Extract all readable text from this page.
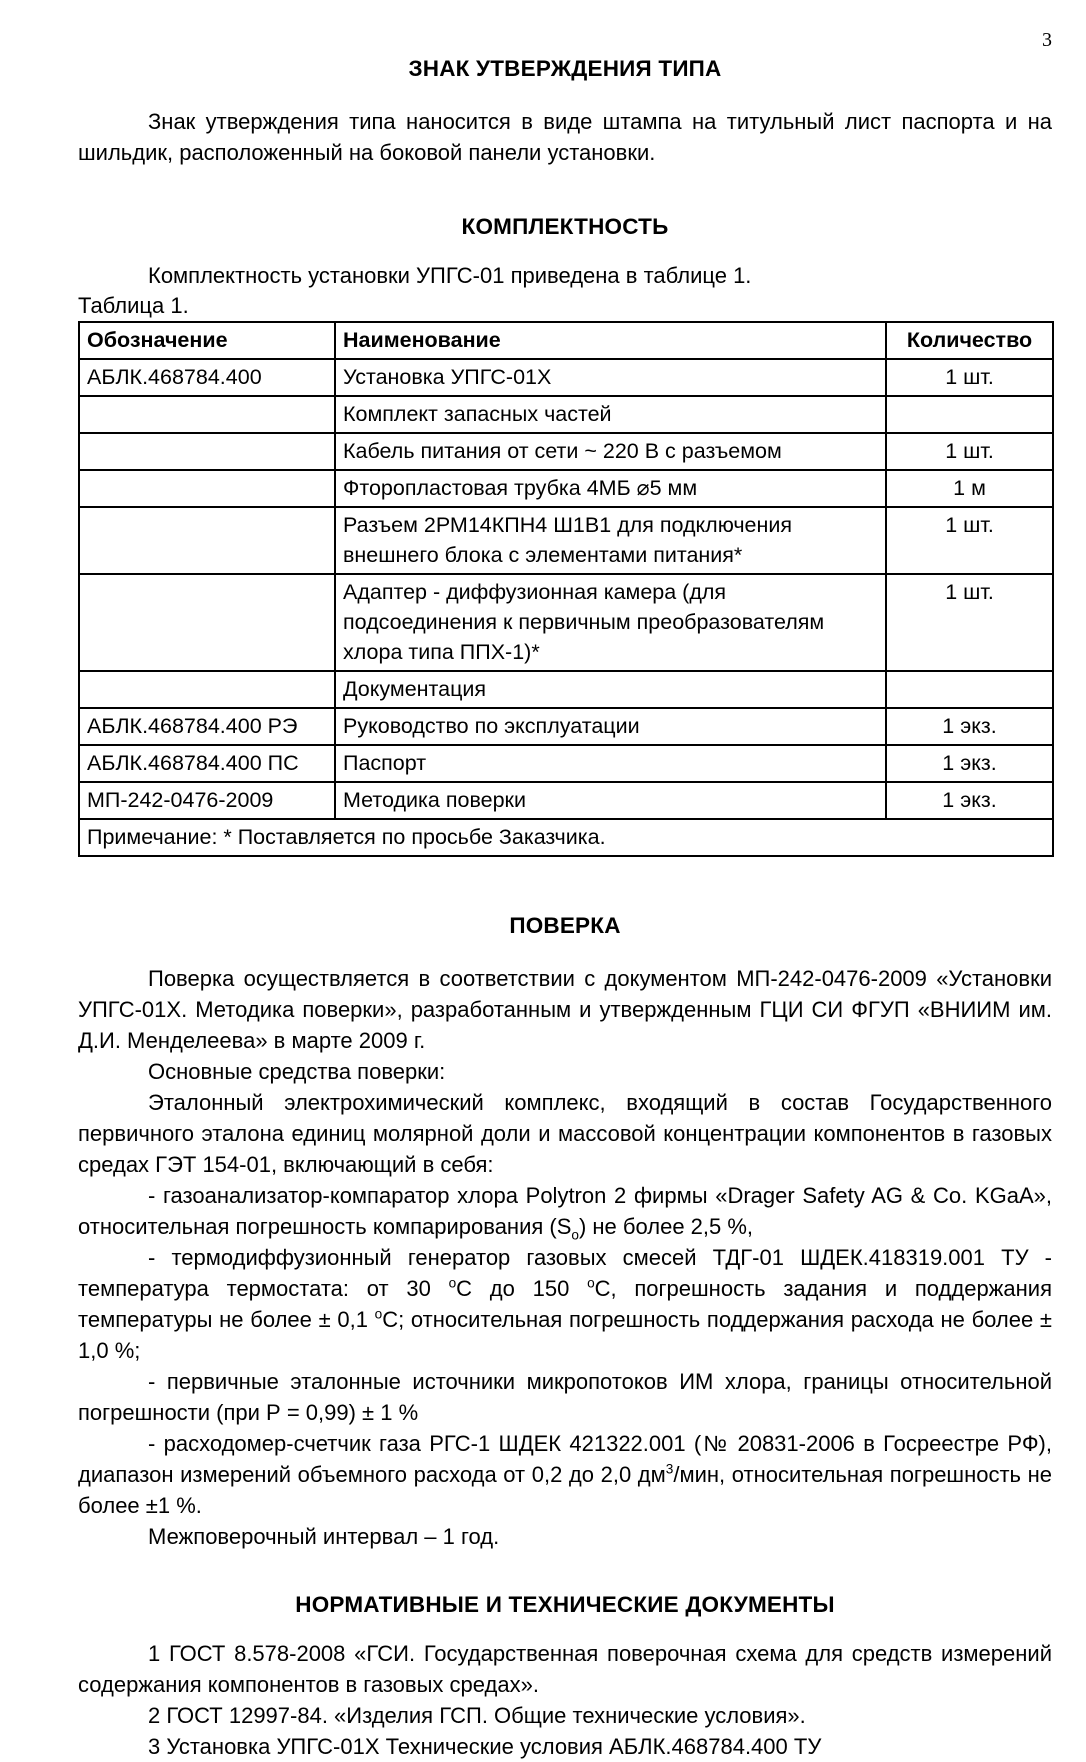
3
ЗНАК УТВЕРЖДЕНИЯ ТИПА

Знак утверждения типа наносится в виде штампа на титульный лист паспорта и на шильдик, расположенный на боковой панели установки.

КОМПЛЕКТНОСТЬ

Комплектность установки УПГС-01 приведена в таблице 1.

Таблица 1.

Обозначение	Наименование	Количество
АБЛК.468784.400	Установка УПГС-01Х	1 шт.
	Комплект запасных частей	
	Кабель питания от сети ~ 220 В с разъемом	1 шт.
	Фторопластовая трубка 4МБ ⌀5 мм	1 м
	Разъем 2РМ14КПН4 Ш1В1 для подключения внешнего блока с элементами питания*	1 шт.
	Адаптер - диффузионная камера (для подсоединения к первичным преобразователям хлора типа ППХ-1)*	1 шт.
	Документация	
АБЛК.468784.400 РЭ	Руководство по эксплуатации	1 экз.
АБЛК.468784.400 ПС	Паспорт	1 экз.
МП-242-0476-2009	Методика поверки	1 экз.
Примечание: * Поставляется по просьбе Заказчика.		
ПОВЕРКА

Поверка осуществляется в соответствии с документом МП-242-0476-2009 «Установки УПГС-01Х. Методика поверки», разработанным и утвержденным ГЦИ СИ ФГУП «ВНИИМ им. Д.И. Менделеева» в марте 2009 г.

Основные средства поверки:

Эталонный электрохимический комплекс, входящий в состав Государственного первичного эталона единиц молярной доли и массовой концентрации компонентов в газовых средах ГЭТ 154-01, включающий в себя:

- газоанализатор-компаратор хлора Polytron 2 фирмы «Drager Safety AG & Co. KGaA», относительная погрешность компарирования $(S_о)$ не более 2,5 %,

- термодиффузионный генератор газовых смесей ТДГ-01 ШДЕК.418319.001 ТУ - температура термостата: от 30 $^о$С до 150 $^о$С, погрешность задания и поддержания температуры не более ± 0,1 $^о$С; относительная погрешность поддержания расхода не более ± 1,0 %;

- первичные эталонные источники микропотоков ИМ хлора, границы относительной погрешности (при Р = 0,99) ± 1 %

- расходомер-счетчик газа РГС-1 ШДЕК 421322.001 (№ 20831-2006 в Госреестре РФ), диапазон измерений объемного расхода от 0,2 до 2,0 $дм^3$/мин, относительная погрешность не более ±1 %.

Межповерочный интервал – 1 год.

НОРМАТИВНЫЕ И ТЕХНИЧЕСКИЕ ДОКУМЕНТЫ

1 ГОСТ 8.578-2008 «ГСИ. Государственная поверочная схема для средств измерений содержания компонентов в газовых средах».

2 ГОСТ 12997-84. «Изделия ГСП. Общие технические условия».

3 Установка УПГС-01Х Технические условия АБЛК.468784.400 ТУ
